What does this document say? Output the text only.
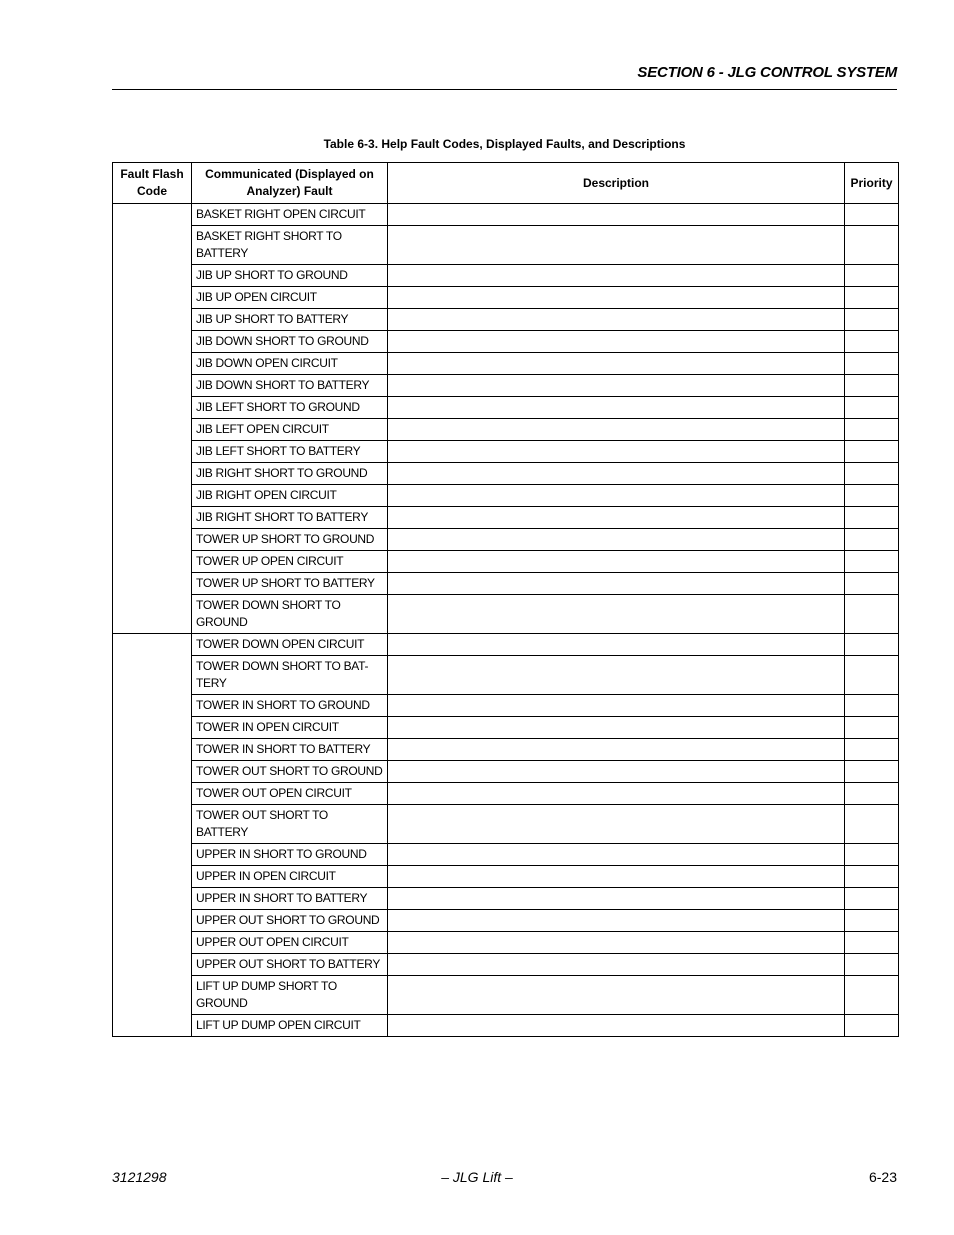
SECTION 6 - JLG CONTROL SYSTEM
Table 6-3. Help Fault Codes, Displayed Faults, and Descriptions
Fault Flash Code	Communicated (Displayed on Analyzer) Fault	Description	Priority
	BASKET RIGHT OPEN CIRCUIT		
	BASKET RIGHT SHORT TO BATTERY		
	JIB UP SHORT TO GROUND		
	JIB UP OPEN CIRCUIT		
	JIB UP SHORT TO BATTERY		
	JIB DOWN SHORT TO GROUND		
	JIB DOWN OPEN CIRCUIT		
	JIB DOWN SHORT TO BATTERY		
	JIB LEFT SHORT TO GROUND		
	JIB LEFT OPEN CIRCUIT		
	JIB LEFT SHORT TO BATTERY		
	JIB RIGHT SHORT TO GROUND		
	JIB RIGHT OPEN CIRCUIT		
	JIB RIGHT SHORT TO BATTERY		
	TOWER UP SHORT TO GROUND		
	TOWER UP OPEN CIRCUIT		
	TOWER UP SHORT TO BATTERY		
	TOWER DOWN SHORT TO GROUND		
	TOWER DOWN OPEN CIRCUIT		
	TOWER DOWN SHORT TO BAT-TERY		
	TOWER IN SHORT TO GROUND		
	TOWER IN OPEN CIRCUIT		
	TOWER IN SHORT TO BATTERY		
	TOWER OUT SHORT TO GROUND		
	TOWER OUT OPEN CIRCUIT		
	TOWER OUT SHORT TO BATTERY		
	UPPER IN SHORT TO GROUND		
	UPPER IN OPEN CIRCUIT		
	UPPER IN SHORT TO BATTERY		
	UPPER OUT SHORT TO GROUND		
	UPPER OUT OPEN CIRCUIT		
	UPPER OUT SHORT TO BATTERY		
	LIFT UP DUMP SHORT TO GROUND		
	LIFT UP DUMP OPEN CIRCUIT		
3121298	– JLG Lift –	6-23
